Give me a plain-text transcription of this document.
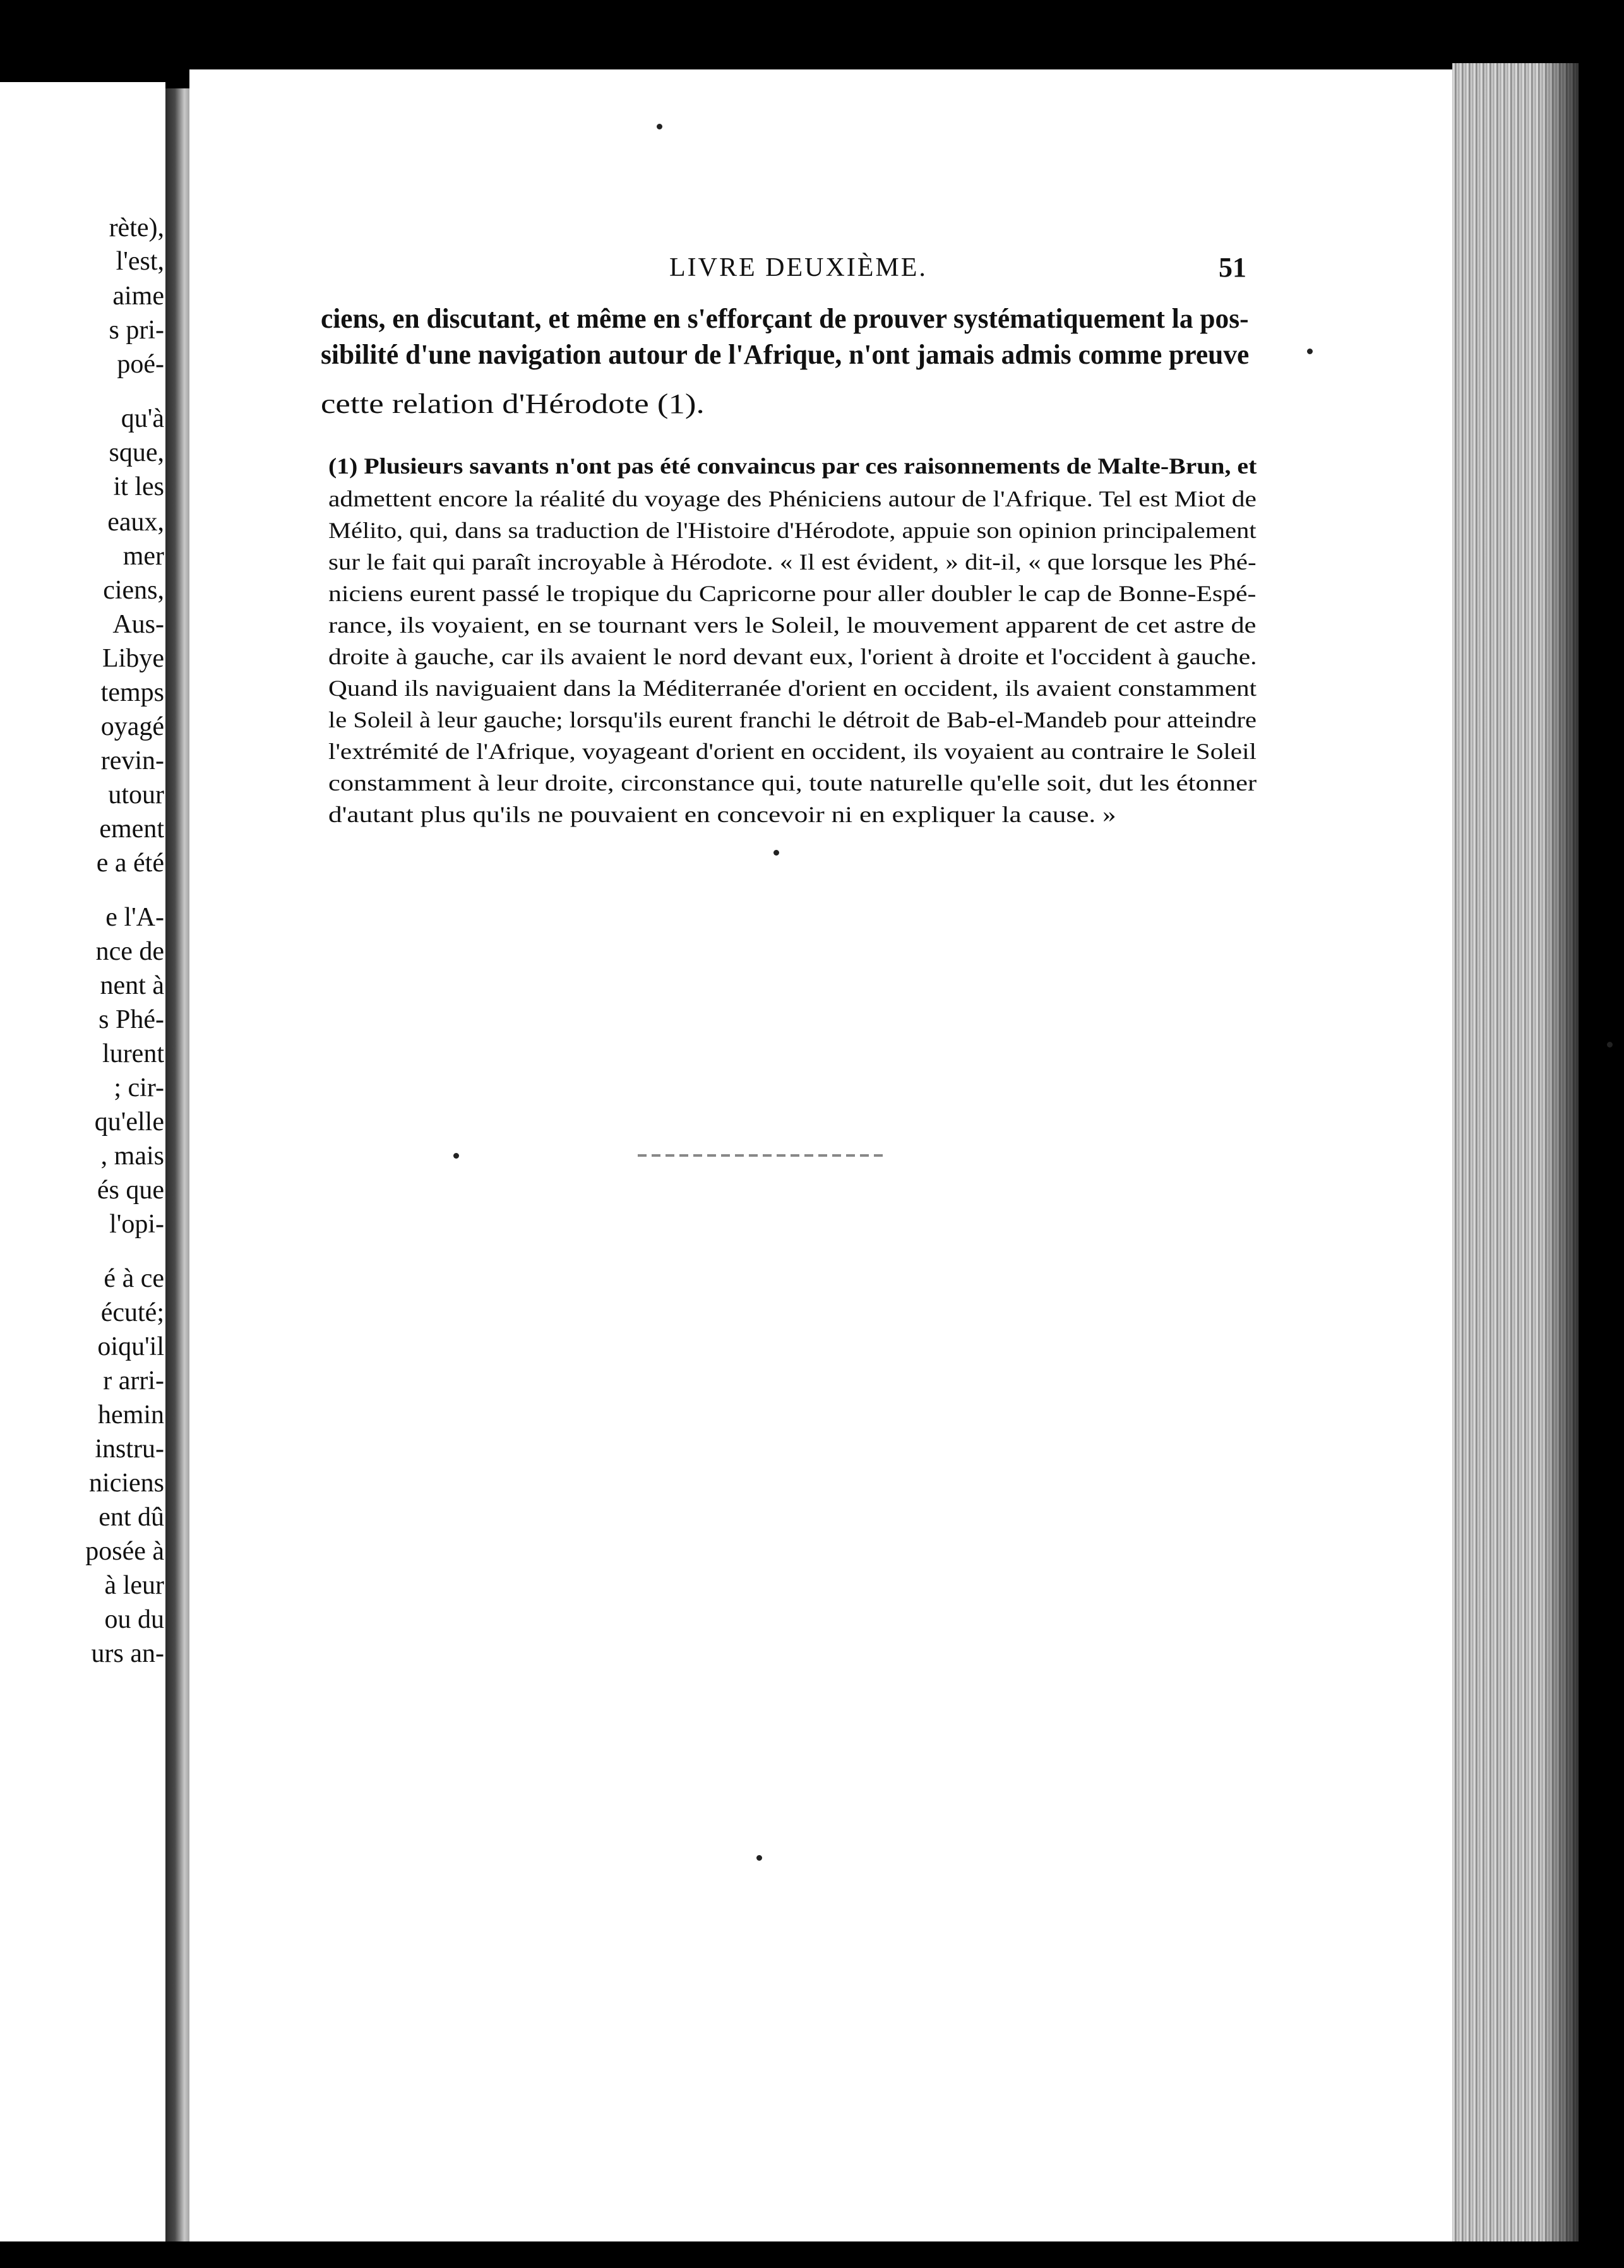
rète),
l'est,
aime
s pri-
poé-
qu'à
sque,
it les
eaux,
mer
ciens,
Aus-
Libye
temps
oyagé
revin-
utour
ement
e a été
e l'A-
nce de
nent à
s Phé-
lurent
; cir-
qu'elle
, mais
és que
l'opi-
é à ce
écuté;
oiqu'il
r arri-
hemin
instru-
niciens
ent dû
posée à
à leur
ou du
urs an-
LIVRE DEUXIÈME.	51
ciens, en discutant, et même en s'efforçant de prouver systématiquement la pos-
sibilité d'une navigation autour de l'Afrique, n'ont jamais admis comme preuve
cette relation d'Hérodote (1).
(1) Plusieurs savants n'ont pas été convaincus par ces raisonnements de Malte-Brun, et
admettent encore la réalité du voyage des Phéniciens autour de l'Afrique. Tel est Miot de
Mélito, qui, dans sa traduction de l'Histoire d'Hérodote, appuie son opinion principalement
sur le fait qui paraît incroyable à Hérodote. « Il est évident, » dit-il, « que lorsque les Phé-
niciens eurent passé le tropique du Capricorne pour aller doubler le cap de Bonne-Espé-
rance, ils voyaient, en se tournant vers le Soleil, le mouvement apparent de cet astre de
droite à gauche, car ils avaient le nord devant eux, l'orient à droite et l'occident à gauche.
Quand ils naviguaient dans la Méditerranée d'orient en occident, ils avaient constamment
le Soleil à leur gauche; lorsqu'ils eurent franchi le détroit de Bab-el-Mandeb pour atteindre
l'extrémité de l'Afrique, voyageant d'orient en occident, ils voyaient au contraire le Soleil
constamment à leur droite, circonstance qui, toute naturelle qu'elle soit, dut les étonner
d'autant plus qu'ils ne pouvaient en concevoir ni en expliquer la cause. »
